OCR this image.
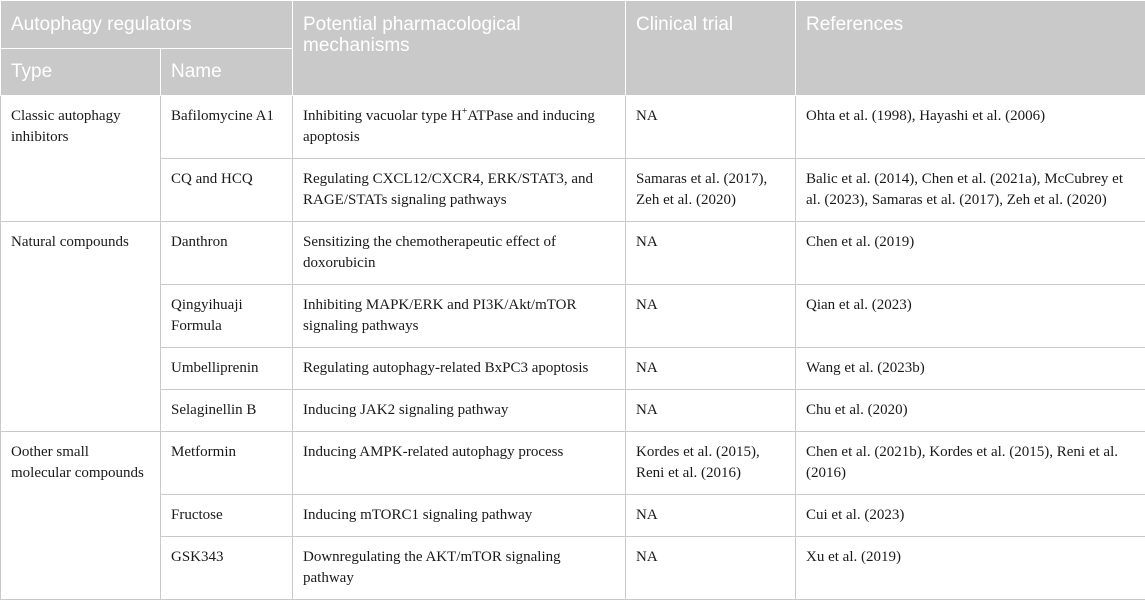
Autophagy regulators		Potential pharmacological mechanisms	Clinical trial	References
Type	Name			
Classic autophagy inhibitors	Bafilomycine A1	Inhibiting vacuolar type H+ATPase and inducing apoptosis	NA	Ohta et al. (1998), Hayashi et al. (2006)
	CQ and HCQ	Regulating CXCL12/CXCR4, ERK/STAT3, and RAGE/STATs signaling pathways	Samaras et al. (2017), Zeh et al. (2020)	Balic et al. (2014), Chen et al. (2021a), McCubrey et al. (2023), Samaras et al. (2017), Zeh et al. (2020)
Natural compounds	Danthron	Sensitizing the chemotherapeutic effect of doxorubicin	NA	Chen et al. (2019)
	Qingyihuaji Formula	Inhibiting MAPK/ERK and PI3K/Akt/mTOR signaling pathways	NA	Qian et al. (2023)
	Umbelliprenin	Regulating autophagy-related BxPC3 apoptosis	NA	Wang et al. (2023b)
	Selaginellin B	Inducing JAK2 signaling pathway	NA	Chu et al. (2020)
Oother small molecular compounds	Metformin	Inducing AMPK-related autophagy process	Kordes et al. (2015), Reni et al. (2016)	Chen et al. (2021b), Kordes et al. (2015), Reni et al. (2016)
	Fructose	Inducing mTORC1 signaling pathway	NA	Cui et al. (2023)
	GSK343	Downregulating the AKT/mTOR signaling pathway	NA	Xu et al. (2019)
